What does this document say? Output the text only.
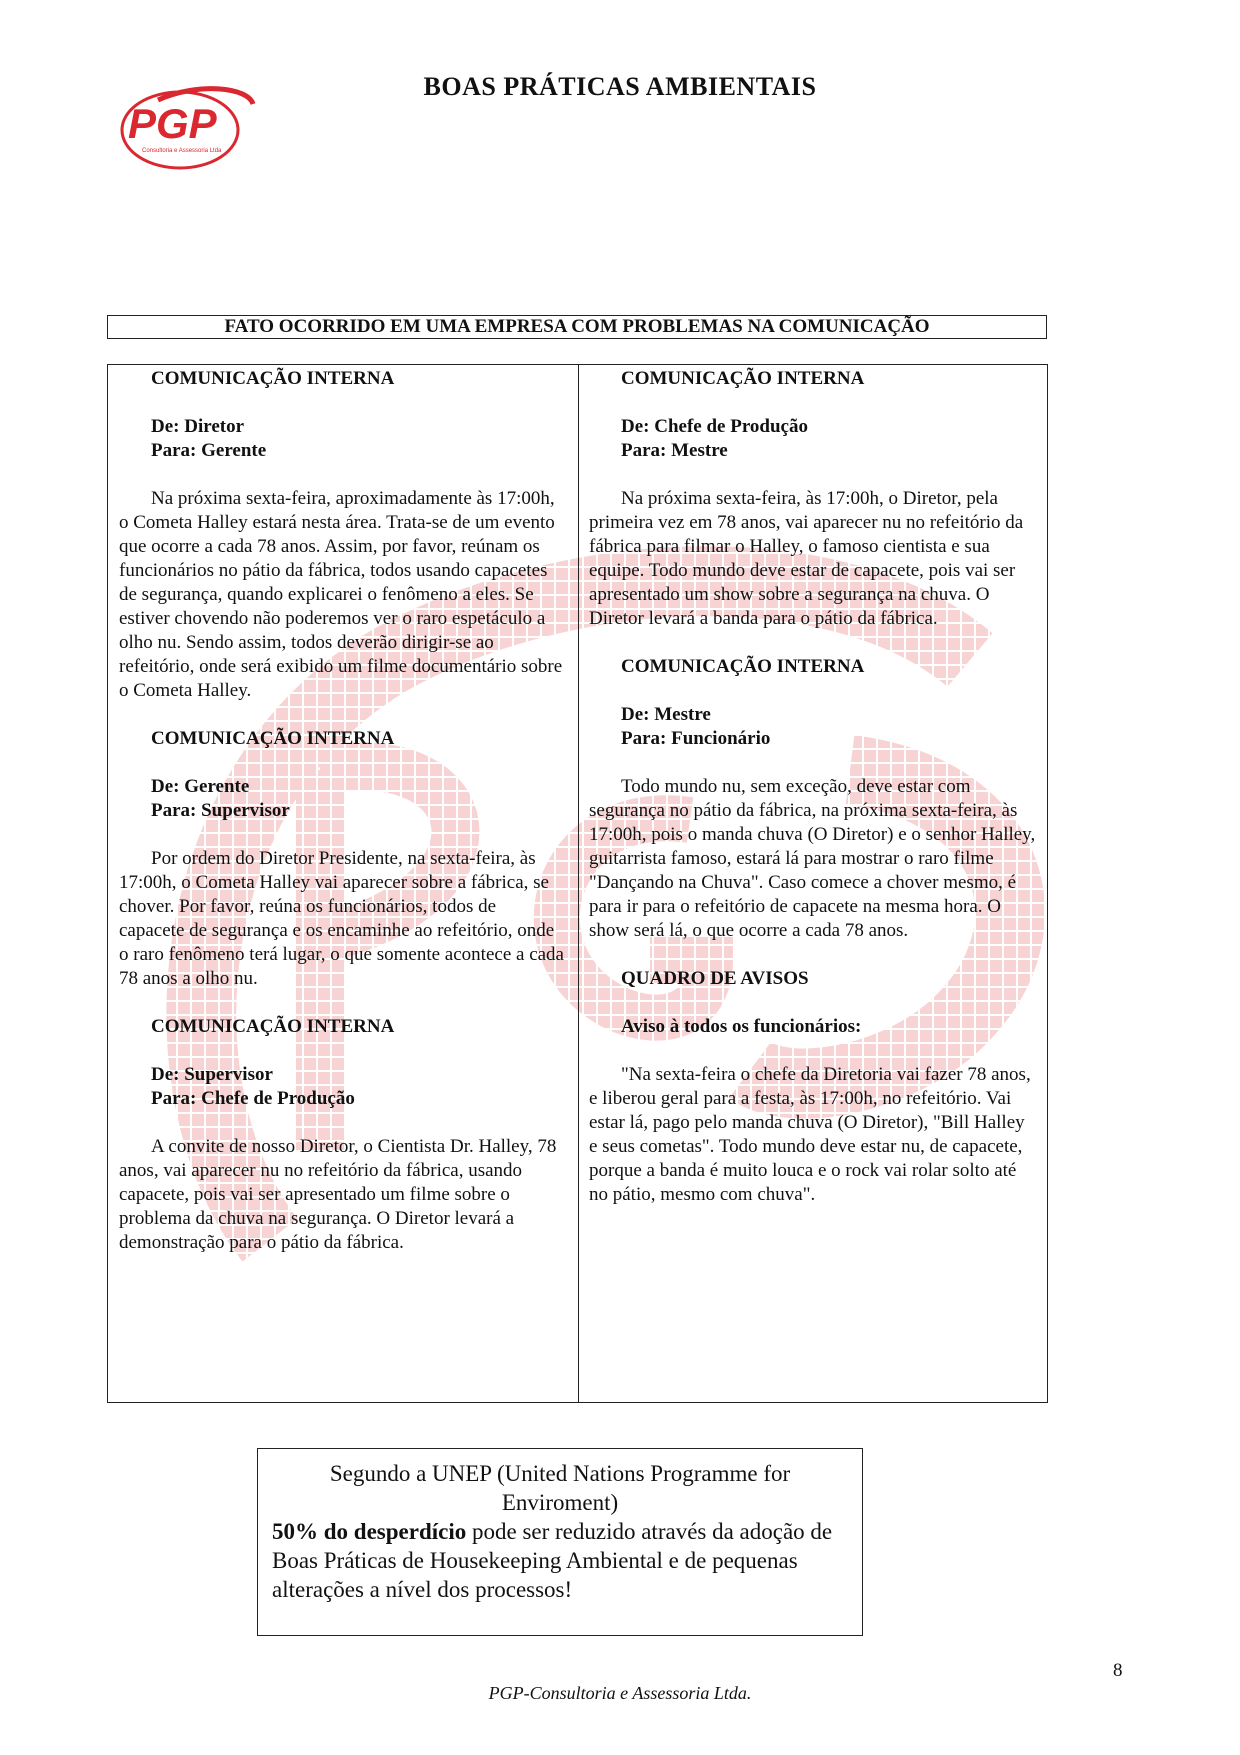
PGP
Consultoria e Assessoria Ltda
BOAS PRÁTICAS AMBIENTAIS
FATO OCORRIDO EM UMA EMPRESA COM PROBLEMAS NA COMUNICAÇÃO

COMUNICAÇÃO INTERNA

De: Diretor

Para: Gerente

Na próxima sexta-feira, aproximadamente às 17:00h, o Cometa Halley estará nesta área. Trata-se de um evento que ocorre a cada 78 anos. Assim, por favor, reúnam os funcionários no pátio da fábrica, todos usando capacetes de segurança, quando explicarei o fenômeno a eles. Se estiver chovendo não poderemos ver o raro espetáculo a olho nu. Sendo assim, todos deverão dirigir-se ao refeitório, onde será exibido um filme documentário sobre o Cometa Halley.

COMUNICAÇÃO INTERNA

De: Gerente

Para: Supervisor

Por ordem do Diretor Presidente, na sexta-feira, às 17:00h, o Cometa Halley vai aparecer sobre a fábrica, se chover. Por favor, reúna os funcionários, todos de capacete de segurança e os encaminhe ao refeitório, onde o raro fenômeno terá lugar, o que somente acontece a cada 78 anos a olho nu.

COMUNICAÇÃO INTERNA

De: Supervisor

Para: Chefe de Produção

A convite de nosso Diretor, o Cientista Dr. Halley, 78 anos, vai aparecer nu no refeitório da fábrica, usando capacete, pois vai ser apresentado um filme sobre o problema da chuva na segurança. O Diretor levará a demonstração para o pátio da fábrica.

COMUNICAÇÃO INTERNA

De: Chefe de Produção

Para: Mestre

Na próxima sexta-feira, às 17:00h, o Diretor, pela primeira vez em 78 anos, vai aparecer nu no refeitório da fábrica para filmar o Halley, o famoso cientista e sua equipe. Todo mundo deve estar de capacete, pois vai ser apresentado um show sobre a segurança na chuva. O Diretor levará a banda para o pátio da fábrica.

COMUNICAÇÃO INTERNA

De: Mestre

Para: Funcionário

Todo mundo nu, sem exceção, deve estar com segurança no pátio da fábrica, na próxima sexta-feira, às 17:00h, pois o manda chuva (O Diretor) e o senhor Halley, guitarrista famoso, estará lá para mostrar o raro filme "Dançando na Chuva". Caso comece a chover mesmo, é para ir para o refeitório de capacete na mesma hora. O show será lá, o que ocorre a cada 78 anos.

QUADRO DE AVISOS

Aviso à todos os funcionários:

"Na sexta-feira o chefe da Diretoria vai fazer 78 anos, e liberou geral para a festa, às 17:00h, no refeitório. Vai estar lá, pago pelo manda chuva (O Diretor), "Bill Halley e seus cometas". Todo mundo deve estar nu, de capacete, porque a banda é muito louca e o rock vai rolar solto até no pátio, mesmo com chuva".

Segundo a UNEP (United Nations Programme for Enviroment)

50% do desperdício pode ser reduzido através da adoção de Boas Práticas de Housekeeping Ambiental e de pequenas alterações a nível dos processos!

8
PGP-Consultoria e Assessoria Ltda.
